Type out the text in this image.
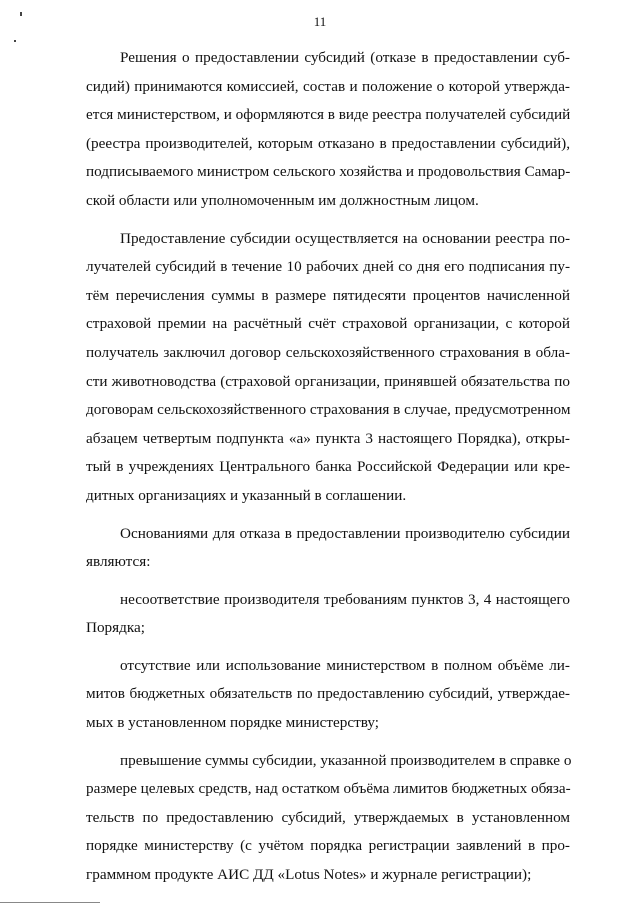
11
Решения о предоставлении субсидий (отказе в предоставлении суб-
сидий) принимаются комиссией, состав и положение о которой утвержда-
ется министерством, и оформляются в виде реестра получателей субсидий
(реестра производителей, которым отказано в предоставлении субсидий),
подписываемого министром сельского хозяйства и продовольствия Самар-
ской области или уполномоченным им должностным лицом.
Предоставление субсидии осуществляется на основании реестра по-
лучателей субсидий в течение 10 рабочих дней со дня его подписания пу-
тём перечисления суммы в размере пятидесяти процентов начисленной
страховой премии на расчётный счёт страховой организации, с которой
получатель заключил договор сельскохозяйственного страхования в обла-
сти животноводства (страховой организации, принявшей обязательства по
договорам сельскохозяйственного страхования в случае, предусмотренном
абзацем четвертым подпункта «а» пункта 3 настоящего Порядка), откры-
тый в учреждениях Центрального банка Российской Федерации или кре-
дитных организациях и указанный в соглашении.
Основаниями для отказа в предоставлении производителю субсидии
являются:
несоответствие производителя требованиям пунктов 3, 4 настоящего
Порядка;
отсутствие или использование министерством в полном объёме ли-
митов бюджетных обязательств по предоставлению субсидий, утверждае-
мых в установленном порядке министерству;
превышение суммы субсидии, указанной производителем в справке о
размере целевых средств, над остатком объёма лимитов бюджетных обяза-
тельств по предоставлению субсидий, утверждаемых в установленном
порядке министерству (с учётом порядка регистрации заявлений в про-
граммном продукте АИС ДД «Lotus Notes» и журнале регистрации);
